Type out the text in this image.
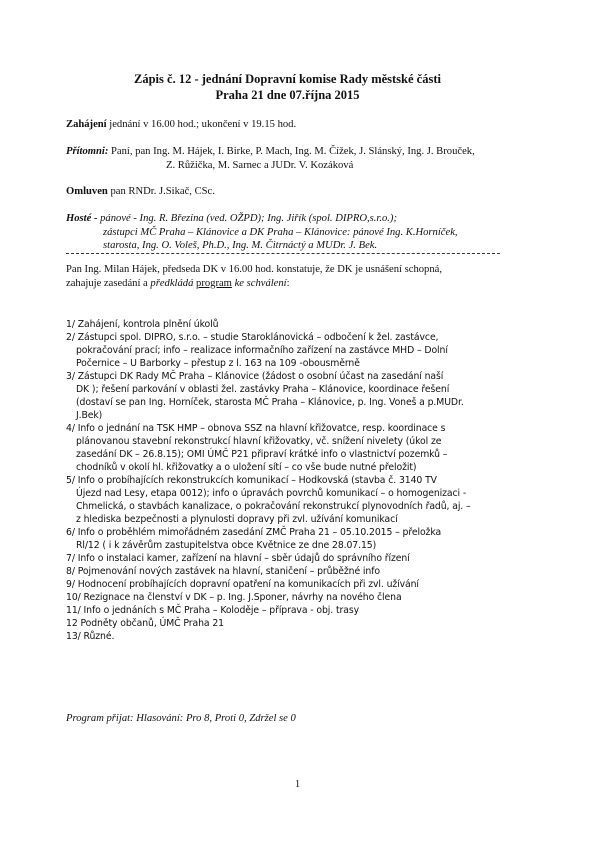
Zápis č. 12 - jednání Dopravní komise Rady městské části
Praha 21 dne 07.října 2015
Zahájení jednání v 16.00 hod.; ukončení v 19.15 hod.
Přítomni: Paní, pan Ing. M. Hájek, I. Birke, P. Mach, Ing. M. Čížek, J. Slánský, Ing. J. Brouček,
Z. Růžička, M. Sarnec a JUDr. V. Kozáková
Omluven pan RNDr. J.Sikač, CSc.
Hosté - pánové - Ing. R. Březina (ved. OŽPD); Ing. Jiřík (spol. DIPRO,s.r.o.);
zástupci MČ Praha – Klánovice a DK Praha – Klánovice: pánové Ing. K.Horníček,
starosta, Ing. O. Voleš, Ph.D., Ing. M. Čitrnáctý a MUDr. J. Bek.
Pan Ing. Milan Hájek, předseda DK v 16.00 hod. konstatuje, že DK je usnášení schopná,
zahajuje zasedání a předkládá program ke schválení:
1/ Zahájení, kontrola plnění úkolů
2/ Zástupci spol. DIPRO, s.r.o. – studie Staroklánovická – odbočení k žel. zastávce,
pokračování prací; info – realizace informačního zařízení na zastávce MHD – Dolní
Počernice – U Barborky – přestup z l. 163 na 109 -obousměrně
3/ Zástupci DK Rady MČ Praha – Klánovice (žádost o osobní účast na zasedání naší
DK ); řešení parkování v oblasti žel. zastávky Praha – Klánovice, koordinace řešení
(dostaví se pan Ing. Horníček, starosta MČ Praha – Klánovice, p. Ing. Voneš a p.MUDr.
J.Bek)
4/ Info o jednání na TSK HMP – obnova SSZ na hlavní křižovatce, resp. koordinace s
plánovanou stavební rekonstrukcí hlavní křižovatky, vč. snížení nivelety (úkol ze
zasedání DK – 26.8.15); OMI ÚMČ P21 připraví krátké info o vlastnictví pozemků –
chodníků v okolí hl. křižovatky a o uložení sítí – co vše bude nutné přeložit)
5/ Info o probíhajících rekonstrukcích komunikací – Hodkovská (stavba č. 3140 TV
Újezd nad Lesy, etapa 0012); info o úpravách povrchů komunikací – o homogenizaci -
Chmelická, o stavbách kanalizace, o pokračování rekonstrukcí plynovodních řadů, aj. –
z hlediska bezpečnosti a plynulosti dopravy při zvl. užívání komunikací
6/ Info o proběhlém mimořádném zasedání ZMČ Praha 21 – 05.10.2015 – přeložka
Rl/12 ( i k závěrům zastupitelstva obce Květnice ze dne 28.07.15)
7/ Info o instalaci kamer, zařízení na hlavní – sběr údajů do správního řízení
8/ Pojmenování nových zastávek na hlavní, staničení – průběžné info
9/ Hodnocení probíhajících dopravní opatření na komunikacích při zvl. užívání
10/ Rezignace na členství v DK – p. Ing. J.Sponer, návrhy na nového člena
11/ Info o jednáních s MČ Praha – Koloděje – příprava - obj. trasy
12 Podněty občanů, ÚMČ Praha 21
13/ Různé.
Program přijat: Hlasování: Pro 8, Proti 0, Zdržel se 0
1
